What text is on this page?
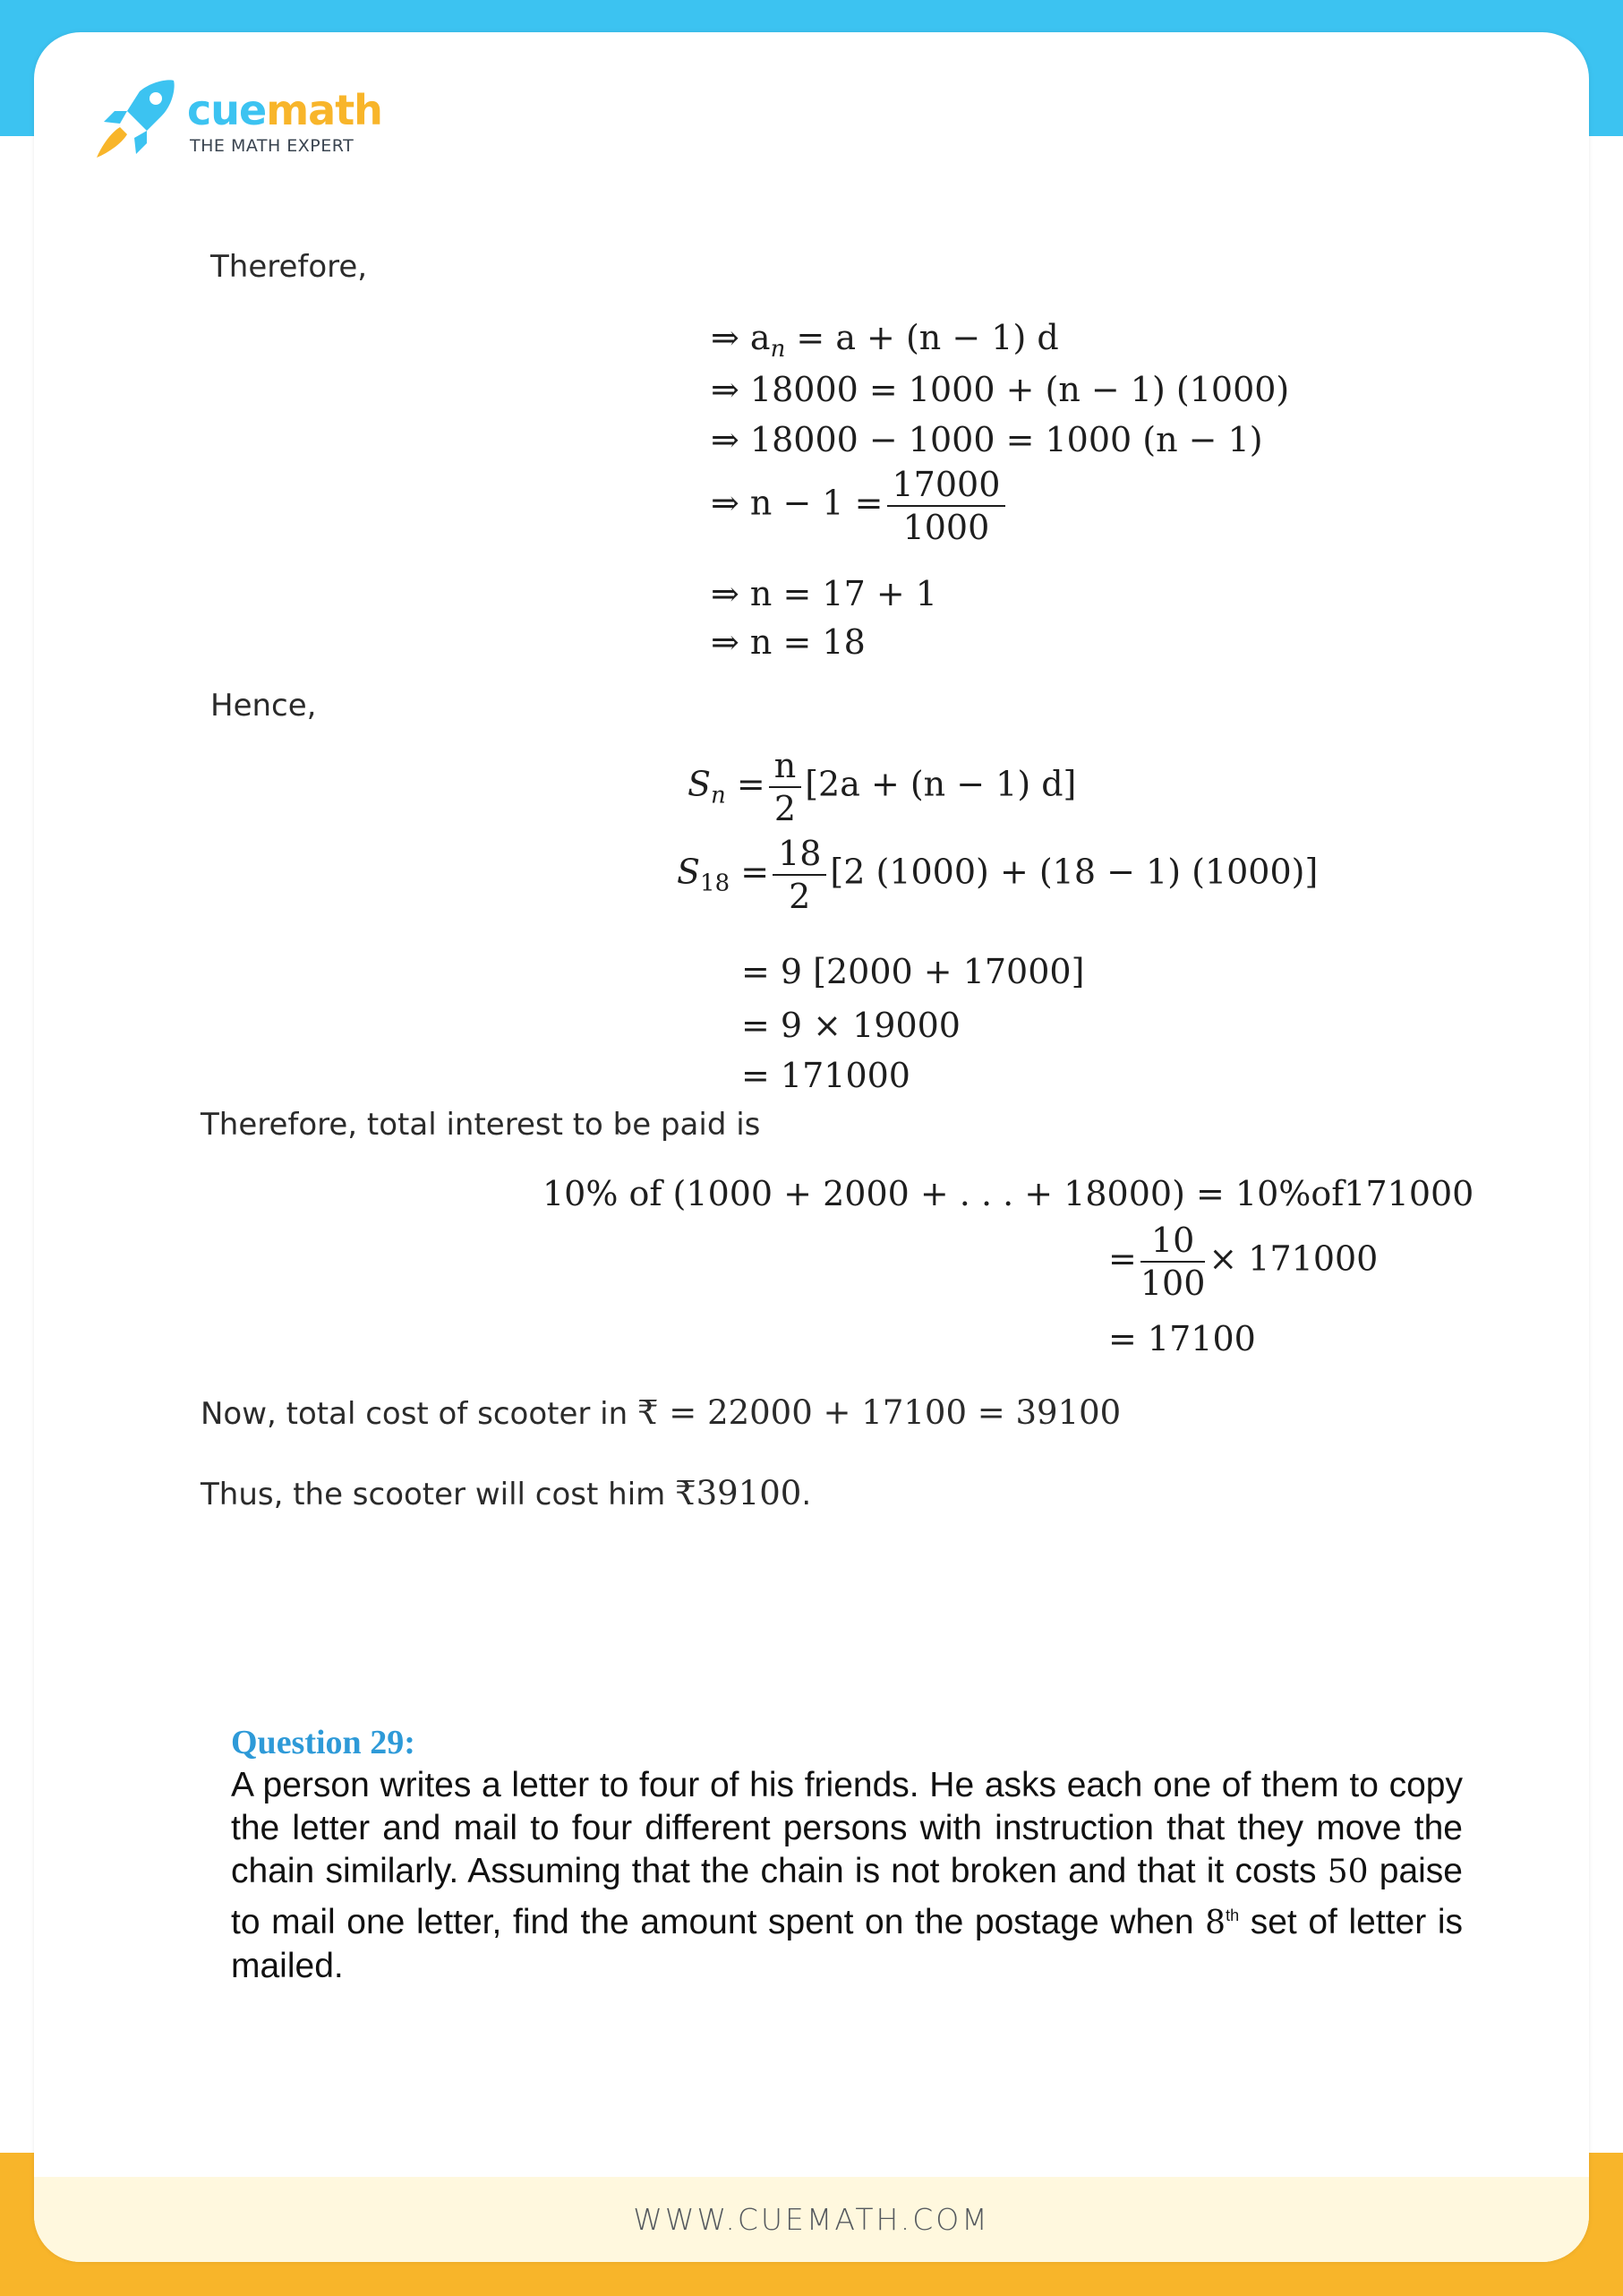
cuemath
THE MATH EXPERT
Therefore,
⇒ $a_n = a + (n - 1)$ d
⇒ 18000 = 1000 + (n − 1) (1000)
⇒ 18000 − 1000 = 1000 (n − 1)
⇒ $n - 1 = \frac{17000}{1000}$
⇒ n = 17 + 1
⇒ n = 18
Hence,
$S_n = \frac{n}{2} [2a + (n - 1)$ d]
$S_{18} = \frac{18}{2} [2$ (1000) + (18 − 1) (1000)]
= 9 [2000 + 17000]
= 9 × 19000
= 171000
Therefore, total interest to be paid is
10% of (1000 + 2000 + . . . + 18000) = 10%of171000
= $\frac{10}{100} \times 171000$
= 17100
Now, total cost of scooter in ₹ = 22000 + 17100 = 39100
Thus, the scooter will cost him ₹39100.
Question 29:
A person writes a letter to four of his friends. He asks each one of them to copy the letter and mail to four different persons with instruction that they move the chain similarly. Assuming that the chain is not broken and that it costs 50 paise to mail one letter, find the amount spent on the postage when 8th set of letter is mailed.
WWW.CUEMATH.COM
